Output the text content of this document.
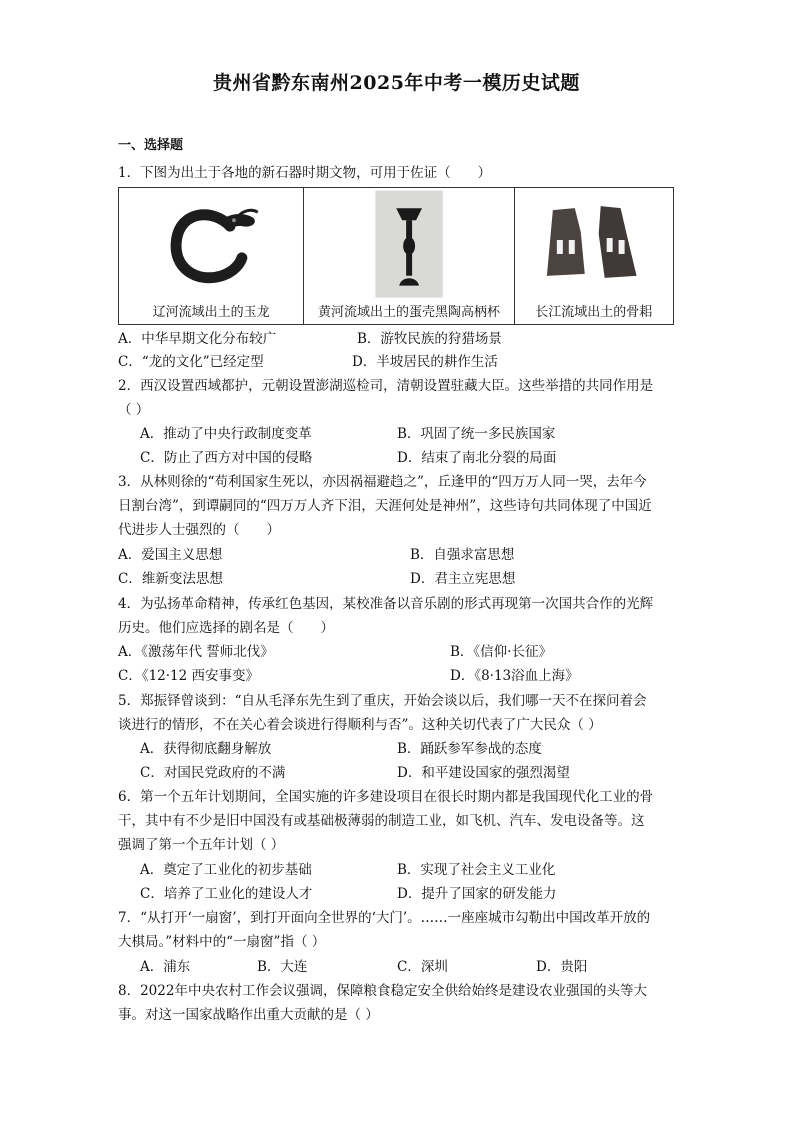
贵州省黔东南州2025年中考一模历史试题
一、选择题
1．下图为出土于各地的新石器时期文物，可用于佐证（　　）
辽河流域出土的玉龙	黄河流域出土的蛋壳黑陶高柄杯	长江流域出土的骨耜
A．中华早期文化分布较广	B．游牧民族的狩猎场景
C．“龙的文化”已经定型	D．半坡居民的耕作生活
2．西汉设置西域都护，元朝设置澎湖巡检司，清朝设置驻藏大臣。这些举措的共同作用是
（ ）
A．推动了中央行政制度变革	B．巩固了统一多民族国家
C．防止了西方对中国的侵略	D．结束了南北分裂的局面
3．从林则徐的“苟利国家生死以，亦因祸福避趋之”，丘逢甲的“四万万人同一哭，去年今
日割台湾”，到谭嗣同的“四万万人齐下泪，天涯何处是神州”，这些诗句共同体现了中国近
代进步人士强烈的（　　）
A．爱国主义思想	B．自强求富思想
C．维新变法思想	D．君主立宪思想
4．为弘扬革命精神，传承红色基因，某校准备以音乐剧的形式再现第一次国共合作的光辉
历史。他们应选择的剧名是（　　）
A．《激荡年代 誓师北伐》	B．《信仰·长征》
C．《12·12 西安事变》	D．《8·13浴血上海》
5．郑振铎曾谈到：“自从毛泽东先生到了重庆，开始会谈以后，我们哪一天不在探问着会
谈进行的情形，不在关心着会谈进行得顺利与否”。这种关切代表了广大民众（ ）
A．获得彻底翻身解放	B．踊跃参军参战的态度
C．对国民党政府的不满	D．和平建设国家的强烈渴望
6．第一个五年计划期间，全国实施的许多建设项目在很长时期内都是我国现代化工业的骨
干，其中有不少是旧中国没有或基础极薄弱的制造工业，如飞机、汽车、发电设备等。这
强调了第一个五年计划（ ）
A．奠定了工业化的初步基础	B．实现了社会主义工业化
C．培养了工业化的建设人才	D．提升了国家的研发能力
7．“从打开‘一扇窗’，到打开面向全世界的‘大门’。……一座座城市勾勒出中国改革开放的
大棋局。”材料中的“一扇窗”指（ ）
A．浦东	B．大连	C．深圳	D．贵阳
8．2022年中央农村工作会议强调，保障粮食稳定安全供给始终是建设农业强国的头等大
事。对这一国家战略作出重大贡献的是（ ）
